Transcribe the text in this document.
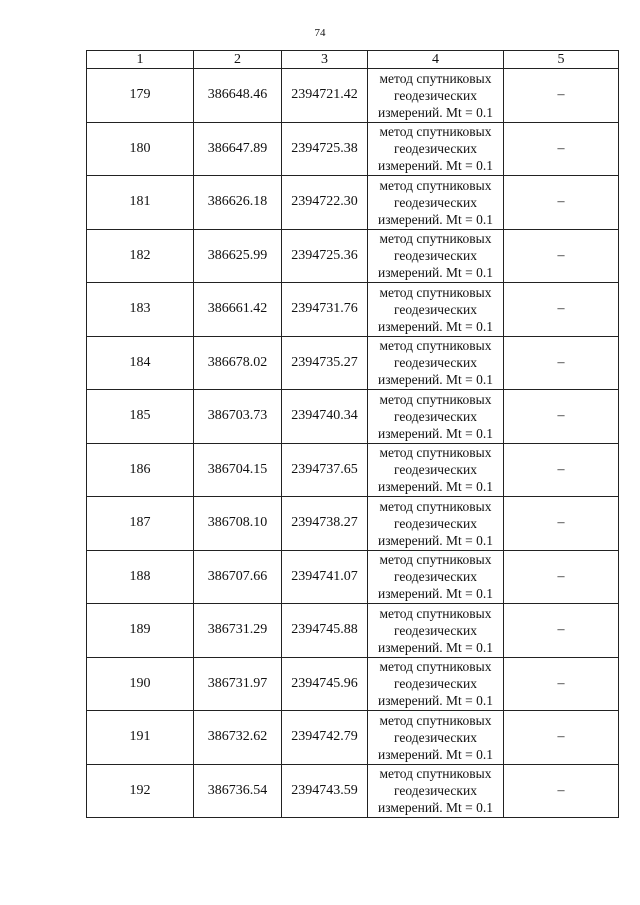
74
1	2	3	4	5
179	386648.46	2394721.42	метод спутниковых
геодезических
измерений. Mt = 0.1	–
180	386647.89	2394725.38	метод спутниковых
геодезических
измерений. Mt = 0.1	–
181	386626.18	2394722.30	метод спутниковых
геодезических
измерений. Mt = 0.1	–
182	386625.99	2394725.36	метод спутниковых
геодезических
измерений. Mt = 0.1	–
183	386661.42	2394731.76	метод спутниковых
геодезических
измерений. Mt = 0.1	–
184	386678.02	2394735.27	метод спутниковых
геодезических
измерений. Mt = 0.1	–
185	386703.73	2394740.34	метод спутниковых
геодезических
измерений. Mt = 0.1	–
186	386704.15	2394737.65	метод спутниковых
геодезических
измерений. Mt = 0.1	–
187	386708.10	2394738.27	метод спутниковых
геодезических
измерений. Mt = 0.1	–
188	386707.66	2394741.07	метод спутниковых
геодезических
измерений. Mt = 0.1	–
189	386731.29	2394745.88	метод спутниковых
геодезических
измерений. Mt = 0.1	–
190	386731.97	2394745.96	метод спутниковых
геодезических
измерений. Mt = 0.1	–
191	386732.62	2394742.79	метод спутниковых
геодезических
измерений. Mt = 0.1	–
192	386736.54	2394743.59	метод спутниковых
геодезических
измерений. Mt = 0.1	–
